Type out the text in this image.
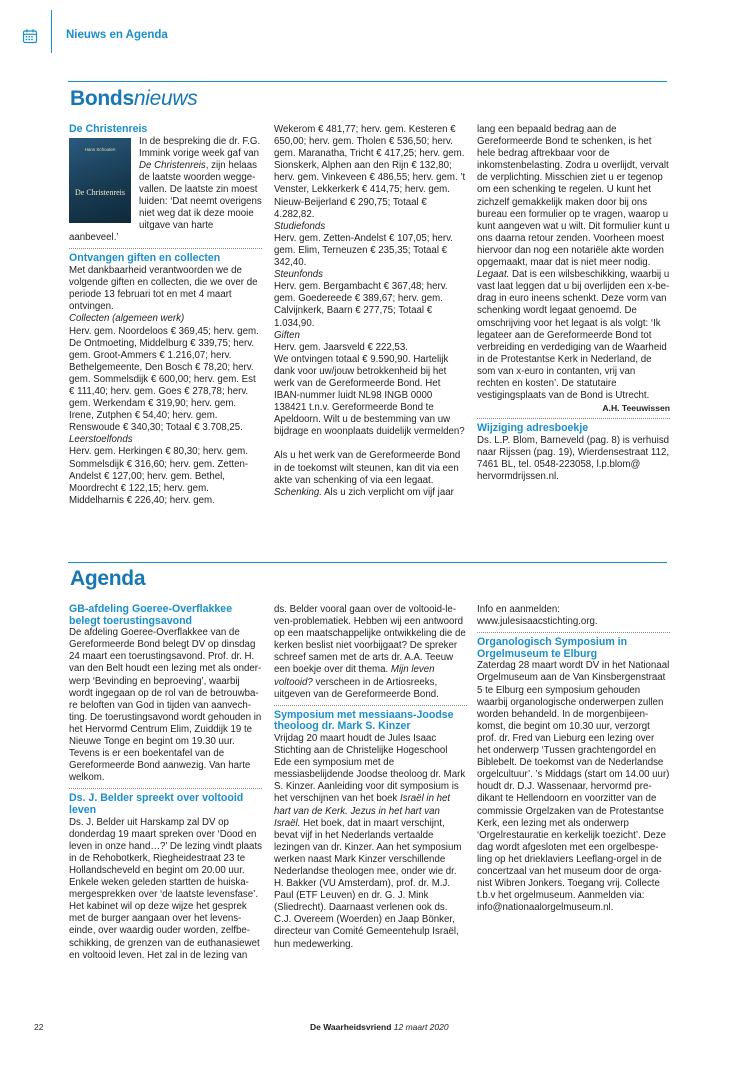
Nieuws en Agenda
Bondsnieuws

De Christenreis

Hans Schouten
De Christenreis

In de bespreking die dr. F.G. Immink vorige week gaf van De Christenreis, zijn helaas de laatste woorden weggevallen. De laatste zin moest luiden: ‘Dat neemt overigens niet weg dat ik deze mooie uitgave van harte aanbeveel.’

Ontvangen giften en collecten

Met dankbaarheid verantwoorden we de volgende giften en collecten, die we over de periode 13 februari tot en met 4 maart ontvingen.

Collecten (algemeen werk)

Herv. gem. Noordeloos € 369,45; herv. gem. De Ontmoeting, Middelburg € 339,75; herv. gem. Groot-Ammers € 1.216,07; herv. Bethelgemeente, Den Bosch € 78,20; herv. gem. Sommelsdijk € 600,00; herv. gem. Est € 111,40; herv. gem. Goes € 278,78; herv. gem. Werkendam € 319,90; herv. gem. Irene, Zutphen € 54,40; herv. gem. Renswoude € 340,30; Totaal € 3.708,25.

Leerstoelfonds

Herv. gem. Herkingen € 80,30; herv. gem. Sommelsdijk € 316,60; herv. gem. Zetten-Andelst € 127,00; herv. gem. Bethel, Moordrecht € 122,15; herv. gem. Middelharnis € 226,40; herv. gem.

Wekerom € 481,77; herv. gem. Kesteren € 650,00; herv. gem. Tholen € 536,50; herv. gem. Maranatha, Tricht € 417,25; herv. gem. Sionskerk, Alphen aan den Rijn € 132,80; herv. gem. Vinkeveen € 486,55; herv. gem. ’t Venster, Lekkerkerk € 414,75; herv. gem. Nieuw-Beijerland € 290,75; Totaal € 4.282,82.

Studiefonds

Herv. gem. Zetten-Andelst € 107,05; herv. gem. Elim, Terneuzen € 235,35; Totaal € 342,40.

Steunfonds

Herv. gem. Bergambacht € 367,48; herv. gem. Goedereede € 389,67; herv. gem. Calvijnkerk, Baarn € 277,75; Totaal € 1.034,90.

Giften

Herv. gem. Jaarsveld € 222,53.

We ontvingen totaal € 9.590,90. Hartelijk dank voor uw/jouw betrokkenheid bij het werk van de Gereformeerde Bond. Het IBAN-nummer luidt NL98 INGB 0000 138421 t.n.v. Gereformeerde Bond te Apeldoorn. Wilt u de bestemming van uw bijdrage en woonplaats duidelijk vermelden?

Als u het werk van de Gereformeerde Bond in de toekomst wilt steunen, kan dit via een akte van schenking of via een legaat.

Schenking. Als u zich verplicht om vijf jaar

lang een bepaald bedrag aan de Gereformeerde Bond te schenken, is het hele bedrag aftrekbaar voor de inkomstenbelasting. Zodra u overlijdt, vervalt de verplichting. Misschien ziet u er tegenop om een schenking te regelen. U kunt het zichzelf gemakkelijk maken door bij ons bureau een formulier op te vragen, waarop u kunt aangeven wat u wilt. Dit formulier kunt u ons daarna retour zenden. Voorheen moest hiervoor dan nog een notariële akte worden opgemaakt, maar dat is niet meer nodig.

Legaat. Dat is een wilsbeschikking, waarbij u vast laat leggen dat u bij overlijden een x-bedrag in euro ineens schenkt. Deze vorm van schenking wordt legaat genoemd. De omschrijving voor het legaat is als volgt: ‘Ik legateer aan de Gereformeerde Bond tot verbreiding en verdediging van de Waarheid in de Protestantse Kerk in Nederland, de som van x-euro in contanten, vrij van rechten en kosten’. De statutaire vestigingsplaats van de Bond is Utrecht.

A.H. Teeuwissen

Wijziging adresboekje

Ds. L.P. Blom, Barneveld (pag. 8) is verhuisd naar Rijssen (pag. 19), Wierdensestraat 112, 7461 BL, tel. 0548-223058, l.p.blom@ hervormdrijssen.nl.

Agenda

GB-afdeling Goeree-Overflakkee belegt toerustingsavond

De afdeling Goeree-Overflakkee van de Gereformeerde Bond belegt DV op dinsdag 24 maart een toerustingsavond. Prof. dr. H. van den Belt houdt een lezing met als onderwerp ‘Bevinding en beproeving’, waarbij wordt ingegaan op de rol van de betrouwbare beloften van God in tijden van aanvechting. De toerustingsavond wordt gehouden in het Hervormd Centrum Elim, Zuiddijk 19 te Nieuwe Tonge en begint om 19.30 uur. Tevens is er een boekentafel van de Gereformeerde Bond aanwezig. Van harte welkom.

Ds. J. Belder spreekt over voltooid leven

Ds. J. Belder uit Harskamp zal DV op donderdag 19 maart spreken over ‘Dood en leven in onze hand…?’ De lezing vindt plaats in de Rehobotkerk, Riegheidestraat 23 te Hollandscheveld en begint om 20.00 uur. Enkele weken geleden startten de huiskamergesprekken over ‘de laatste levensfase’. Het kabinet wil op deze wijze het gesprek met de burger aangaan over het levenseinde, over waardig ouder worden, zelfbeschikking, de grenzen van de euthanasiewet en voltooid leven. Het zal in de lezing van

ds. Belder vooral gaan over de voltooid-leven-problematiek. Hebben wij een antwoord op een maatschappelijke ontwikkeling die de kerken beslist niet voorbijgaat? De spreker schreef samen met de arts dr. A.A. Teeuw een boekje over dit thema. Mijn leven voltooid? verscheen in de Artiosreeks, uitgeven van de Gereformeerde Bond.

Symposium met messiaans-Joodse theoloog dr. Mark S. Kinzer

Vrijdag 20 maart houdt de Jules Isaac Stichting aan de Christelijke Hogeschool Ede een symposium met de messiasbelijdende Joodse theoloog dr. Mark S. Kinzer. Aanleiding voor dit symposium is het verschijnen van het boek Israël in het hart van de Kerk. Jezus in het hart van Israël. Het boek, dat in maart verschijnt, bevat vijf in het Nederlands vertaalde lezingen van dr. Kinzer. Aan het symposium werken naast Mark Kinzer verschillende Nederlandse theologen mee, onder wie dr. H. Bakker (VU Amsterdam), prof. dr. M.J. Paul (ETF Leuven) en dr. G. J. Mink (Sliedrecht). Daarnaast verlenen ook ds. C.J. Overeem (Woerden) en Jaap Bönker, directeur van Comité Gemeentehulp Israël, hun medewerking.

Info en aanmelden: www.julesisaacstichting.org.

Organologisch Symposium in Orgelmuseum te Elburg

Zaterdag 28 maart wordt DV in het Nationaal Orgelmuseum aan de Van Kinsbergenstraat 5 te Elburg een symposium gehouden waarbij organologische onderwerpen zullen worden behandeld. In de morgenbijeenkomst, die begint om 10.30 uur, verzorgt prof. dr. Fred van Lieburg een lezing over het onderwerp ‘Tussen grachtengordel en Biblebelt. De toekomst van de Nederlandse orgelcultuur’. ’s Middags (start om 14.00 uur) houdt dr. D.J. Wassenaar, hervormd predikant te Hellendoorn en voorzitter van de commissie Orgelzaken van de Protestantse Kerk, een lezing met als onderwerp ‘Orgelrestauratie en kerkelijk toezicht’. Deze dag wordt afgesloten met een orgelbespeling op het drieklaviers Leeflang-orgel in de concertzaal van het museum door de organist Wibren Jonkers. Toegang vrij. Collecte t.b.v het orgelmuseum. Aanmelden via: info@nationaalorgelmuseum.nl.

22	De Waarheidsvriend 12 maart 2020
